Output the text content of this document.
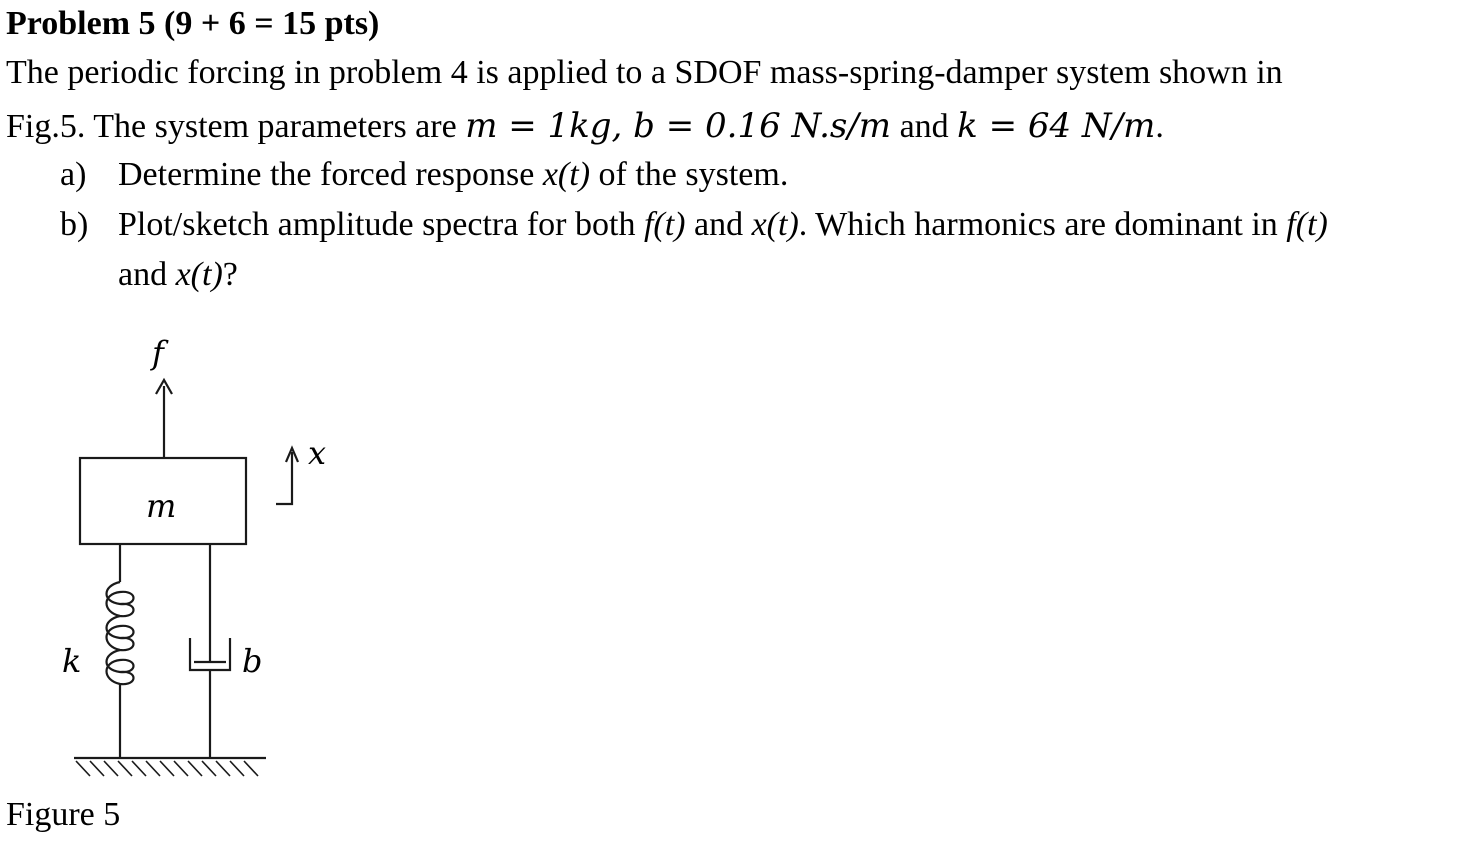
Problem 5 (9 + 6 = 15 pts)
The periodic forcing in problem 4 is applied to a SDOF mass-spring-damper system shown in
Fig.5. The system parameters are m = 1kg, b = 0.16 N.s/m and k = 64 N/m.
a) Determine the forced response x(t) of the system.
b) Plot/sketch amplitude spectra for both f(t) and x(t). Which harmonics are dominant in f(t)
and x(t)?
f
m
x
k	b
Figure 5
